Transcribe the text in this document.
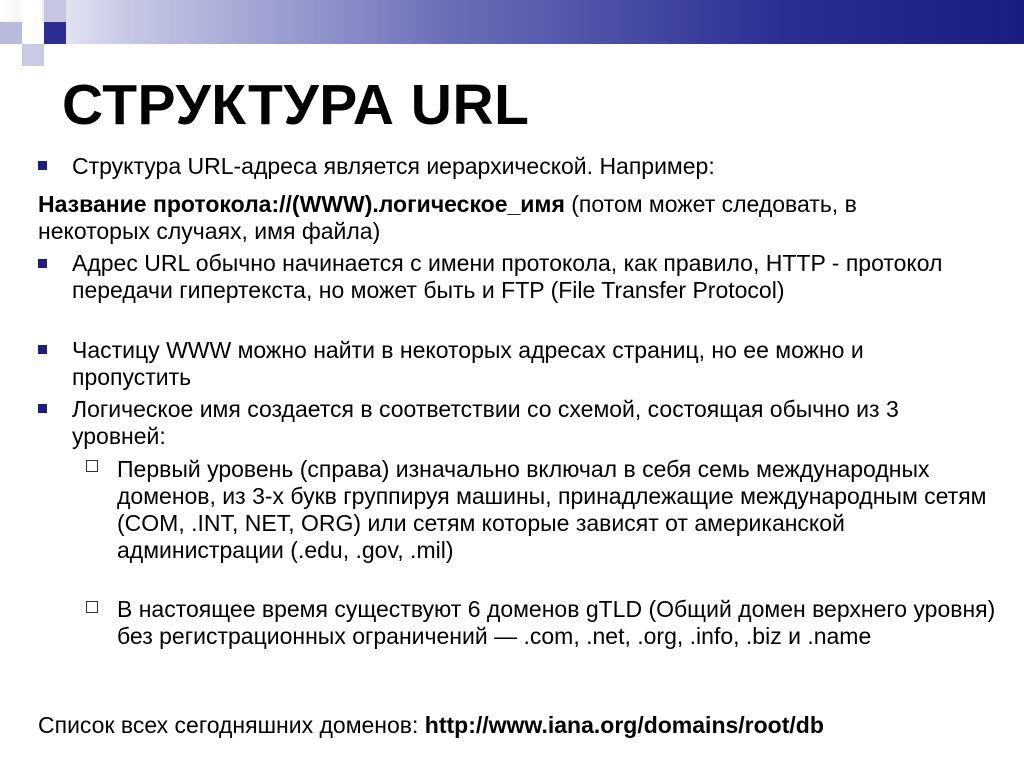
СТРУКТУРА URL
Структура URL-адреса является иерархической. Например:
Название протокола://(WWW).логическое_имя (потом может следовать, в некоторых случаях, имя файла)
Адрес URL обычно начинается с имени протокола, как правило, HTTP - протокол передачи гипертекста, но может быть и FTP (File Transfer Protocol)
Частицу WWW можно найти в некоторых адресах страниц, но ее можно и пропустить
Логическое имя создается в соответствии со схемой, состоящая обычно из 3 уровней:
Первый уровень (справа) изначально включал в себя семь международных доменов, из 3-х букв группируя машины, принадлежащие международным сетям (COM, .INT, NET, ORG) или сетям которые зависят от американской администрации (.edu, .gov, .mil)
В настоящее время существуют 6 доменов gTLD (Общий домен верхнего уровня) без регистрационных ограничений — .com, .net, .org, .info, .biz и .name
Список всех сегодняшних доменов: http://www.iana.org/domains/root/db
